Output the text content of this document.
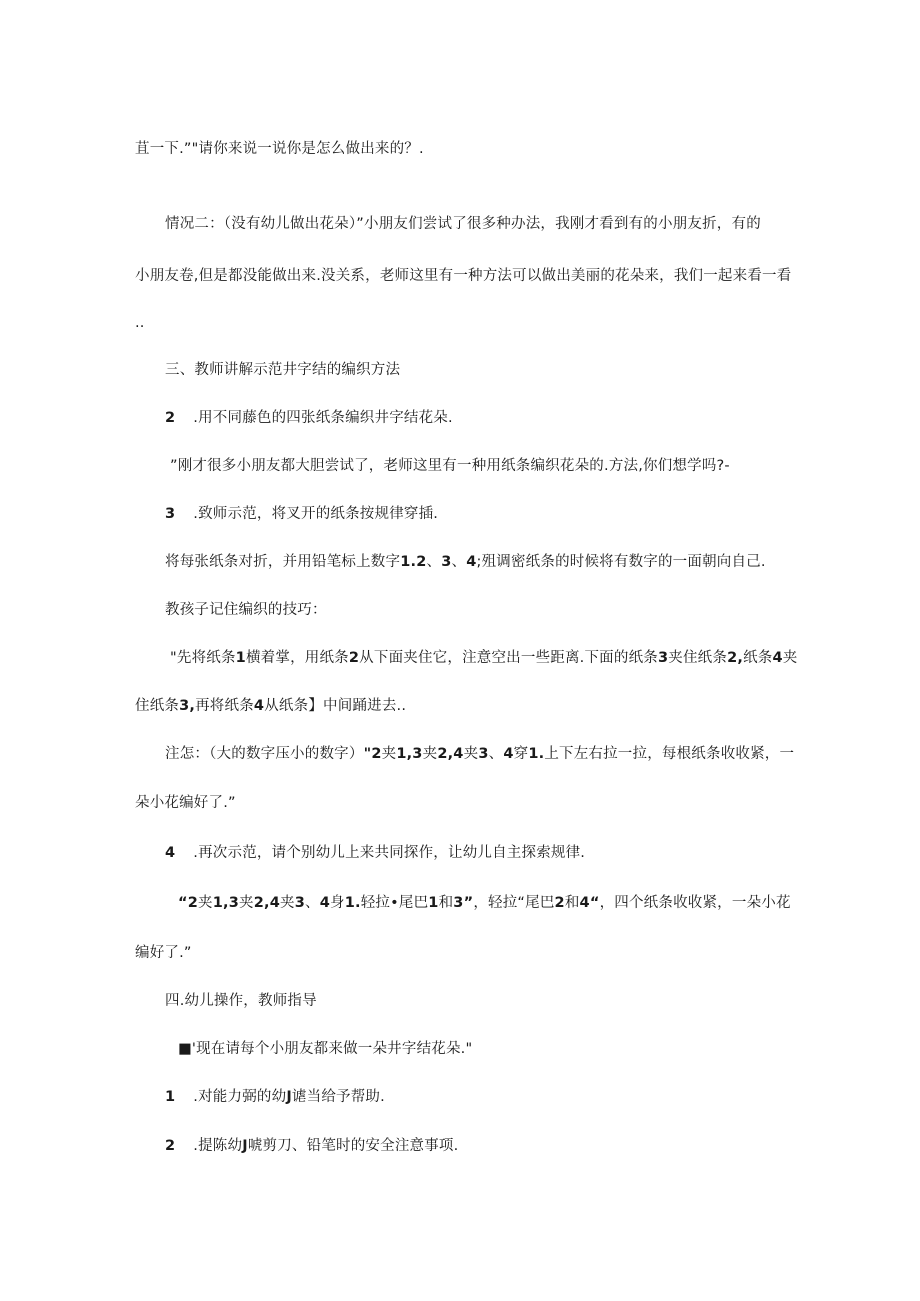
苴一下.”"请你来说一说你是怎么做出来的？.
情况二：（没有幼儿做出花朵）”小朋友们尝试了很多种办法，我刚才看到有的小朋友折，有的
小朋友卷,但是都没能做出来.没关系，老师这里有一种方法可以做出美丽的花朵来，我们一起来看一看
..
三、教师讲解示范井字结的编织方法
2 .用不同藤色的四张纸条编织井字结花朵.
”刚才很多小朋友都大胆尝试了，老师这里有一种用纸条编织花朵的.方法,你们想学吗?-
3 .致师示范，将叉开的纸条按规律穿插.
将每张纸条对折，并用铅笔标上数字1.2、3、4;殂调密纸条的时候将有数字的一面朝向自己.
教孩子记住编织的技巧：
"先将纸条1横着掌，用纸条2从下面夹住它，注意空出一些距离.下面的纸条3夹住纸条2,纸条4夹
住纸条3,再将纸条4从纸条】中间踊进去..
注怎：（大的数字压小的数字）"2夹1,3夹2,4夹3、4穿1.上下左右拉一拉，每根纸条收收紧，一
朵小花编好了.”
4 .再次示范，请个别幼儿上来共同探作，让幼儿自主探索规律.
“2夹1,3夹2,4夹3、4身1.轻拉•尾巴1和3”，轻拉“尾巴2和4“，四个纸条收收紧，一朵小花
编好了.”
四.幼儿操作，教师指导
■'现在请每个小朋友都来做一朵井字结花朵."
1 .对能力弼的幼J谑当给予帮助.
2 .提陈幼J唬剪刀、铅笔时的安全注意事项.
